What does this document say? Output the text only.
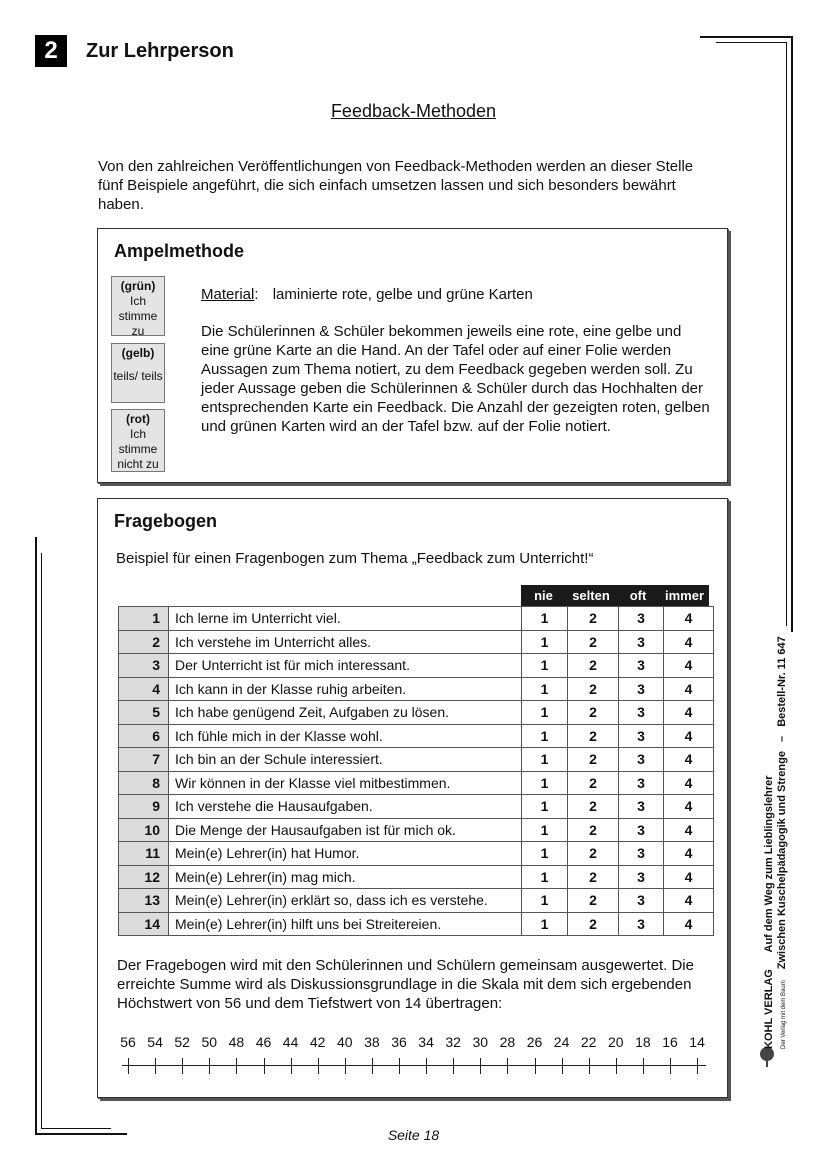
2	Zur Lehrperson
Feedback-Methoden
Von den zahlreichen Veröffentlichungen von Feedback-Methoden werden an dieser Stelle fünf Beispiele angeführt, die sich einfach umsetzen lassen und sich besonders bewährt haben.
Ampelmethode
(grün)
Ich stimme zu
(gelb)
teils/ teils
(rot)
Ich stimme nicht zu
Material: laminierte rote, gelbe und grüne Karten
Die Schülerinnen & Schüler bekommen jeweils eine rote, eine gelbe und eine grüne Karte an die Hand. An der Tafel oder auf einer Folie werden Aussagen zum Thema notiert, zu dem Feedback gegeben werden soll. Zu jeder Aussage geben die Schülerinnen & Schüler durch das Hochhalten der entsprechenden Karte ein Feedback. Die Anzahl der gezeigten roten, gelben und grünen Karten wird an der Tafel bzw. auf der Folie notiert.
Fragebogen
Beispiel für einen Fragenbogen zum Thema „Feedback zum Unterricht!“
nie	selten	oft	immer
1	Ich lerne im Unterricht viel.	1	2	3	4
2	Ich verstehe im Unterricht alles.	1	2	3	4
3	Der Unterricht ist für mich interessant.	1	2	3	4
4	Ich kann in der Klasse ruhig arbeiten.	1	2	3	4
5	Ich habe genügend Zeit, Aufgaben zu lösen.	1	2	3	4
6	Ich fühle mich in der Klasse wohl.	1	2	3	4
7	Ich bin an der Schule interessiert.	1	2	3	4
8	Wir können in der Klasse viel mitbestimmen.	1	2	3	4
9	Ich verstehe die Hausaufgaben.	1	2	3	4
10	Die Menge der Hausaufgaben ist für mich ok.	1	2	3	4
11	Mein(e) Lehrer(in) hat Humor.	1	2	3	4
12	Mein(e) Lehrer(in) mag mich.	1	2	3	4
13	Mein(e) Lehrer(in) erklärt so, dass ich es verstehe.	1	2	3	4
14	Mein(e) Lehrer(in) hilft uns bei Streitereien.	1	2	3	4
Der Fragebogen wird mit den Schülerinnen und Schülern gemeinsam ausgewertet. Die erreichte Summe wird als Diskussionsgrundlage in die Skala mit dem sich ergebenden Höchstwert von 56 und dem Tiefstwert von 14 übertragen:
56 54 52 50 48 46 44 42 40 38 36 34 32 30 28 26 24 22 20 18 16 14	KOHL VERLAG Auf dem Weg zum Lieblingslehrer
Der Verlag mit dem Baum Zwischen Kuschelpädagogik und Strenge – Bestell-Nr. 11 647
Seite 18
